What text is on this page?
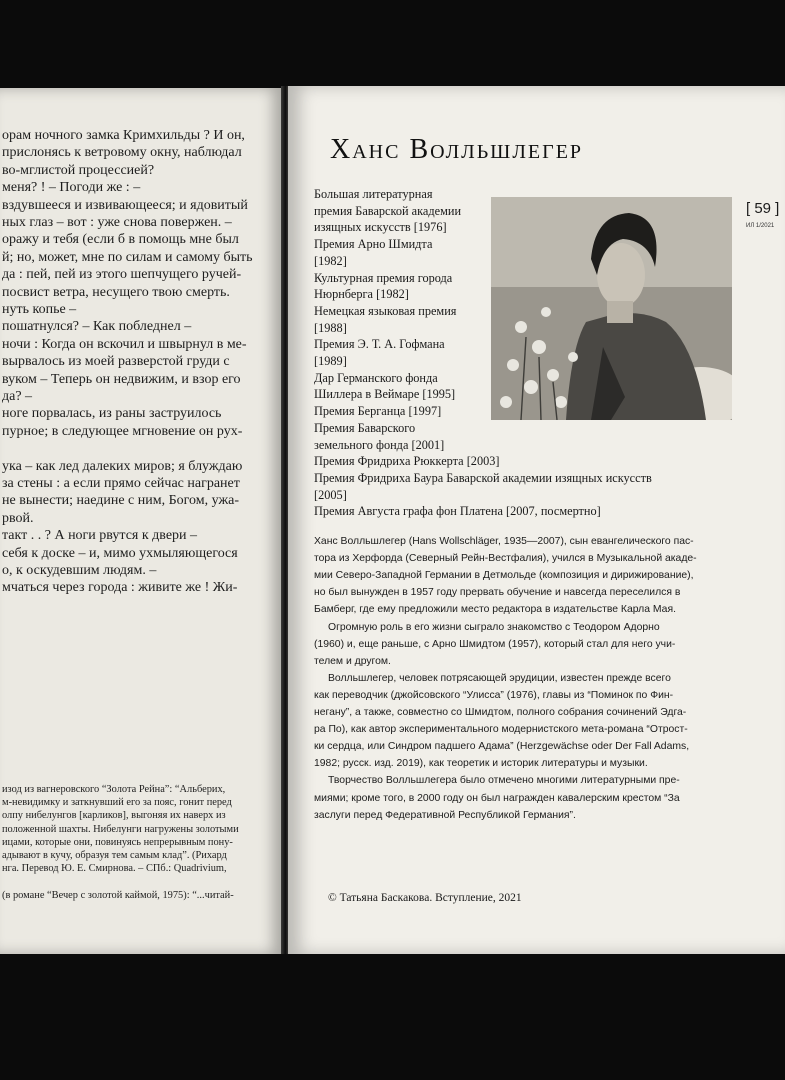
орам ночного замка Кримхильды ? И он,
прислонясь к ветровому окну, наблюдал
во-мглистой процессией?
меня? ! – Погоди же : –
вздувшееся и извивающееся; и ядовитый
ных глаз – вот : уже снова повержен. –
оражу и тебя (если б в помощь мне был
й; но, может, мне по силам и самому быть
да : пей, пей из этого шепчущего ручей-
посвист ветра, несущего твою смерть.
нуть копье –
пошатнулся? – Как побледнел –
ночи : Когда он вскочил и швырнул в ме-
вырвалось из моей разверстой груди с
вуком – Теперь он недвижим, и взор его
да? –
ноге порвалась, из раны заструилось
пурное; в следующее мгновение он рух-
ука – как лед далеких миров; я блуждаю
за стены : а если прямо сейчас награнет
не вынести; наедине с ним, Богом, ужа-
рвой.
такт . . ? А ноги рвутся к двери –
себя к доске – и, мимо ухмыляющегося
о, к оскудевшим людям. –
мчаться через города : живите же ! Жи-
изод из вагнеровского “Золота Рейна”: “Альберих,
м-невидимку и заткнувший его за пояс, гонит перед
олпу нибелунгов [карликов], выгоняя их наверх из
положенной шахты. Нибелунги нагружены золотыми
ицами, которые они, повинуясь непрерывным пону-
адывают в кучу, образуя тем самым клад”. (Рихард
нга. Перевод Ю. Е. Смирнова. – СПб.: Quadrivium,
(в романе “Вечер с золотой каймой, 1975): “...читай-
Ханс Волльшлегер
[ 59 ]
ИЛ 1/2021
Большая литературная
премия Баварской академии
изящных искусств [1976]
Премия Арно Шмидта
[1982]
Культурная премия города
Нюрнберга [1982]
Немецкая языковая премия
[1988]
Премия Э. Т. А. Гофмана
[1989]
Дар Германского фонда
Шиллера в Веймаре [1995]
Премия Берганца [1997]
Премия Баварского
земельного фонда [2001]
Премия Фридриха Рюккерта [2003]
Премия Фридриха Баура Баварской академии изящных искусств
[2005]
Премия Августа графа фон Платена [2007, посмертно]
Ханс Волльшлегер (Hans Wollschläger, 1935—2007), сын евангелического пас-
тора из Херфорда (Северный Рейн-Вестфалия), учился в Музыкальной акаде-
мии Северо-Западной Германии в Детмольде (композиция и дирижирование),
но был вынужден в 1957 году прервать обучение и навсегда переселился в
Бамберг, где ему предложили место редактора в издательстве Карла Мая.
Огромную роль в его жизни сыграло знакомство с Теодором Адорно
(1960) и, еще раньше, с Арно Шмидтом (1957), который стал для него учи-
телем и другом.
Волльшлегер, человек потрясающей эрудиции, известен прежде всего
как переводчик (джойсовского “Улисса” (1976), главы из “Поминок по Фин-
негану”, а также, совместно со Шмидтом, полного собрания сочинений Эдга-
ра По), как автор экспериментального модернистского мета-романа “Отрост-
ки сердца, или Синдром падшего Адама” (Herzgewächse oder Der Fall Adams,
1982; русск. изд. 2019), как теоретик и историк литературы и музыки.
Творчество Волльшлегера было отмечено многими литературными пре-
миями; кроме того, в 2000 году он был награжден кавалерским крестом “За
заслуги перед Федеративной Республикой Германия”.
© Татьяна Баскакова. Вступление, 2021
